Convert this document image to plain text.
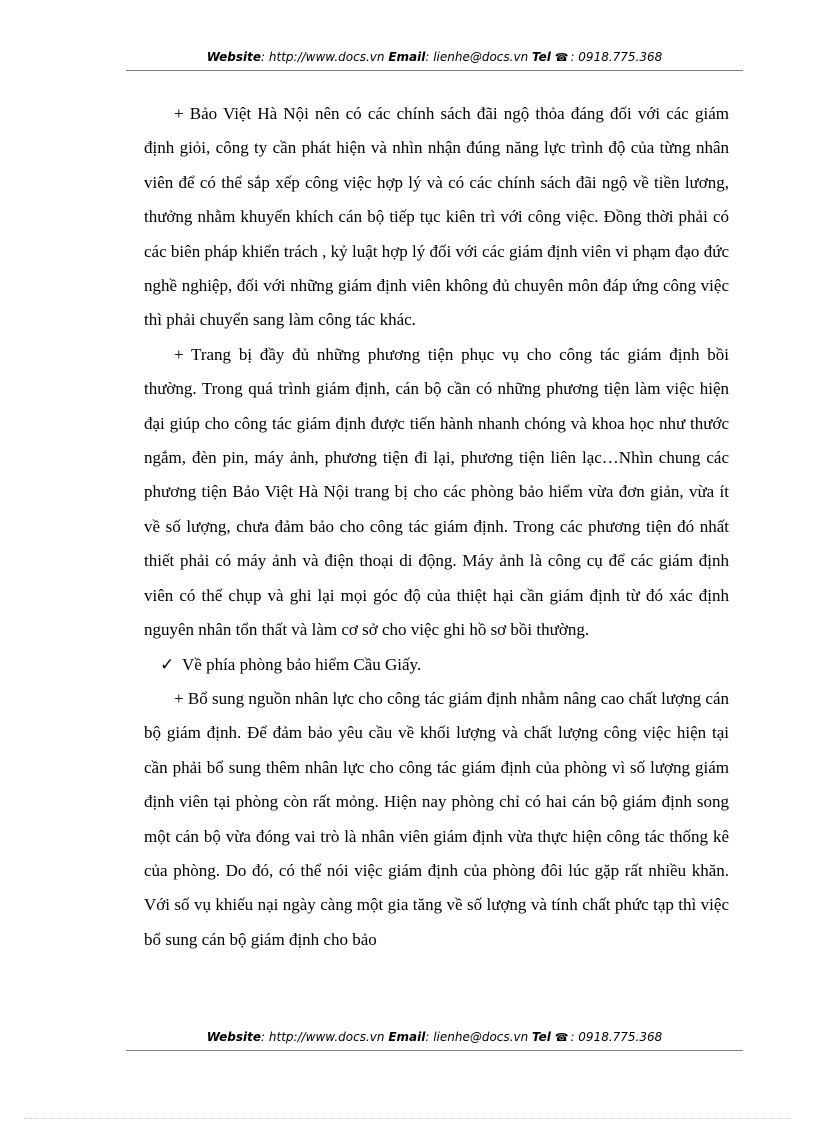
Website: http://www.docs.vn Email: lienhe@docs.vn Tel ☎ : 0918.775.368

+ Bảo Việt Hà Nội nên có các chính sách đãi ngộ thỏa đáng đối với các giám định giỏi, công ty cần phát hiện và nhìn nhận đúng năng lực trình độ của từng nhân viên để có thể sắp xếp công việc hợp lý và có các chính sách đãi ngộ về tiền lương, thưởng nhằm khuyến khích cán bộ tiếp tục kiên trì với công việc. Đồng thời phải có các biên pháp khiển trách , kỷ luật hợp lý đối với các giám định viên vi phạm đạo đức nghề nghiệp, đối với những giám định viên không đủ chuyên môn đáp ứng công việc thì phải chuyển sang làm công tác khác.

+ Trang bị đầy đủ những phương tiện phục vụ cho công tác giám định bồi thường. Trong quá trình giám định, cán bộ cần có những phương tiện làm việc hiện đại giúp cho công tác giám định được tiến hành nhanh chóng và khoa học như thước ngắm, đèn pin, máy ảnh, phương tiện đi lại, phương tiện liên lạc…Nhìn chung các phương tiện Bảo Việt Hà Nội trang bị cho các phòng bảo hiểm vừa đơn giản, vừa ít về số lượng, chưa đảm bảo cho công tác giám định. Trong các phương tiện đó nhất thiết phải có máy ảnh và điện thoại di động. Máy ảnh là công cụ để các giám định viên có thể chụp và ghi lại mọi góc độ của thiệt hại cần giám định từ đó xác định nguyên nhân tổn thất và làm cơ sở cho việc ghi hồ sơ bồi thường.

✓ Về phía phòng bảo hiểm Cầu Giấy.

+ Bổ sung nguồn nhân lực cho công tác giám định nhằm nâng cao chất lượng cán bộ giám định. Để đảm bảo yêu cầu về khối lượng và chất lượng công việc hiện tại cần phải bổ sung thêm nhân lực cho công tác giám định của phòng vì số lượng giám định viên tại phòng còn rất mỏng. Hiện nay phòng chỉ có hai cán bộ giám định song một cán bộ vừa đóng vai trò là nhân viên giám định vừa thực hiện công tác thống kê của phòng. Do đó, có thể nói việc giám định của phòng đôi lúc gặp rất nhiều khăn. Với số vụ khiếu nại ngày càng một gia tăng về số lượng và tính chất phức tạp thì việc bổ sung cán bộ giám định cho bảo

Website: http://www.docs.vn Email: lienhe@docs.vn Tel ☎ : 0918.775.368
